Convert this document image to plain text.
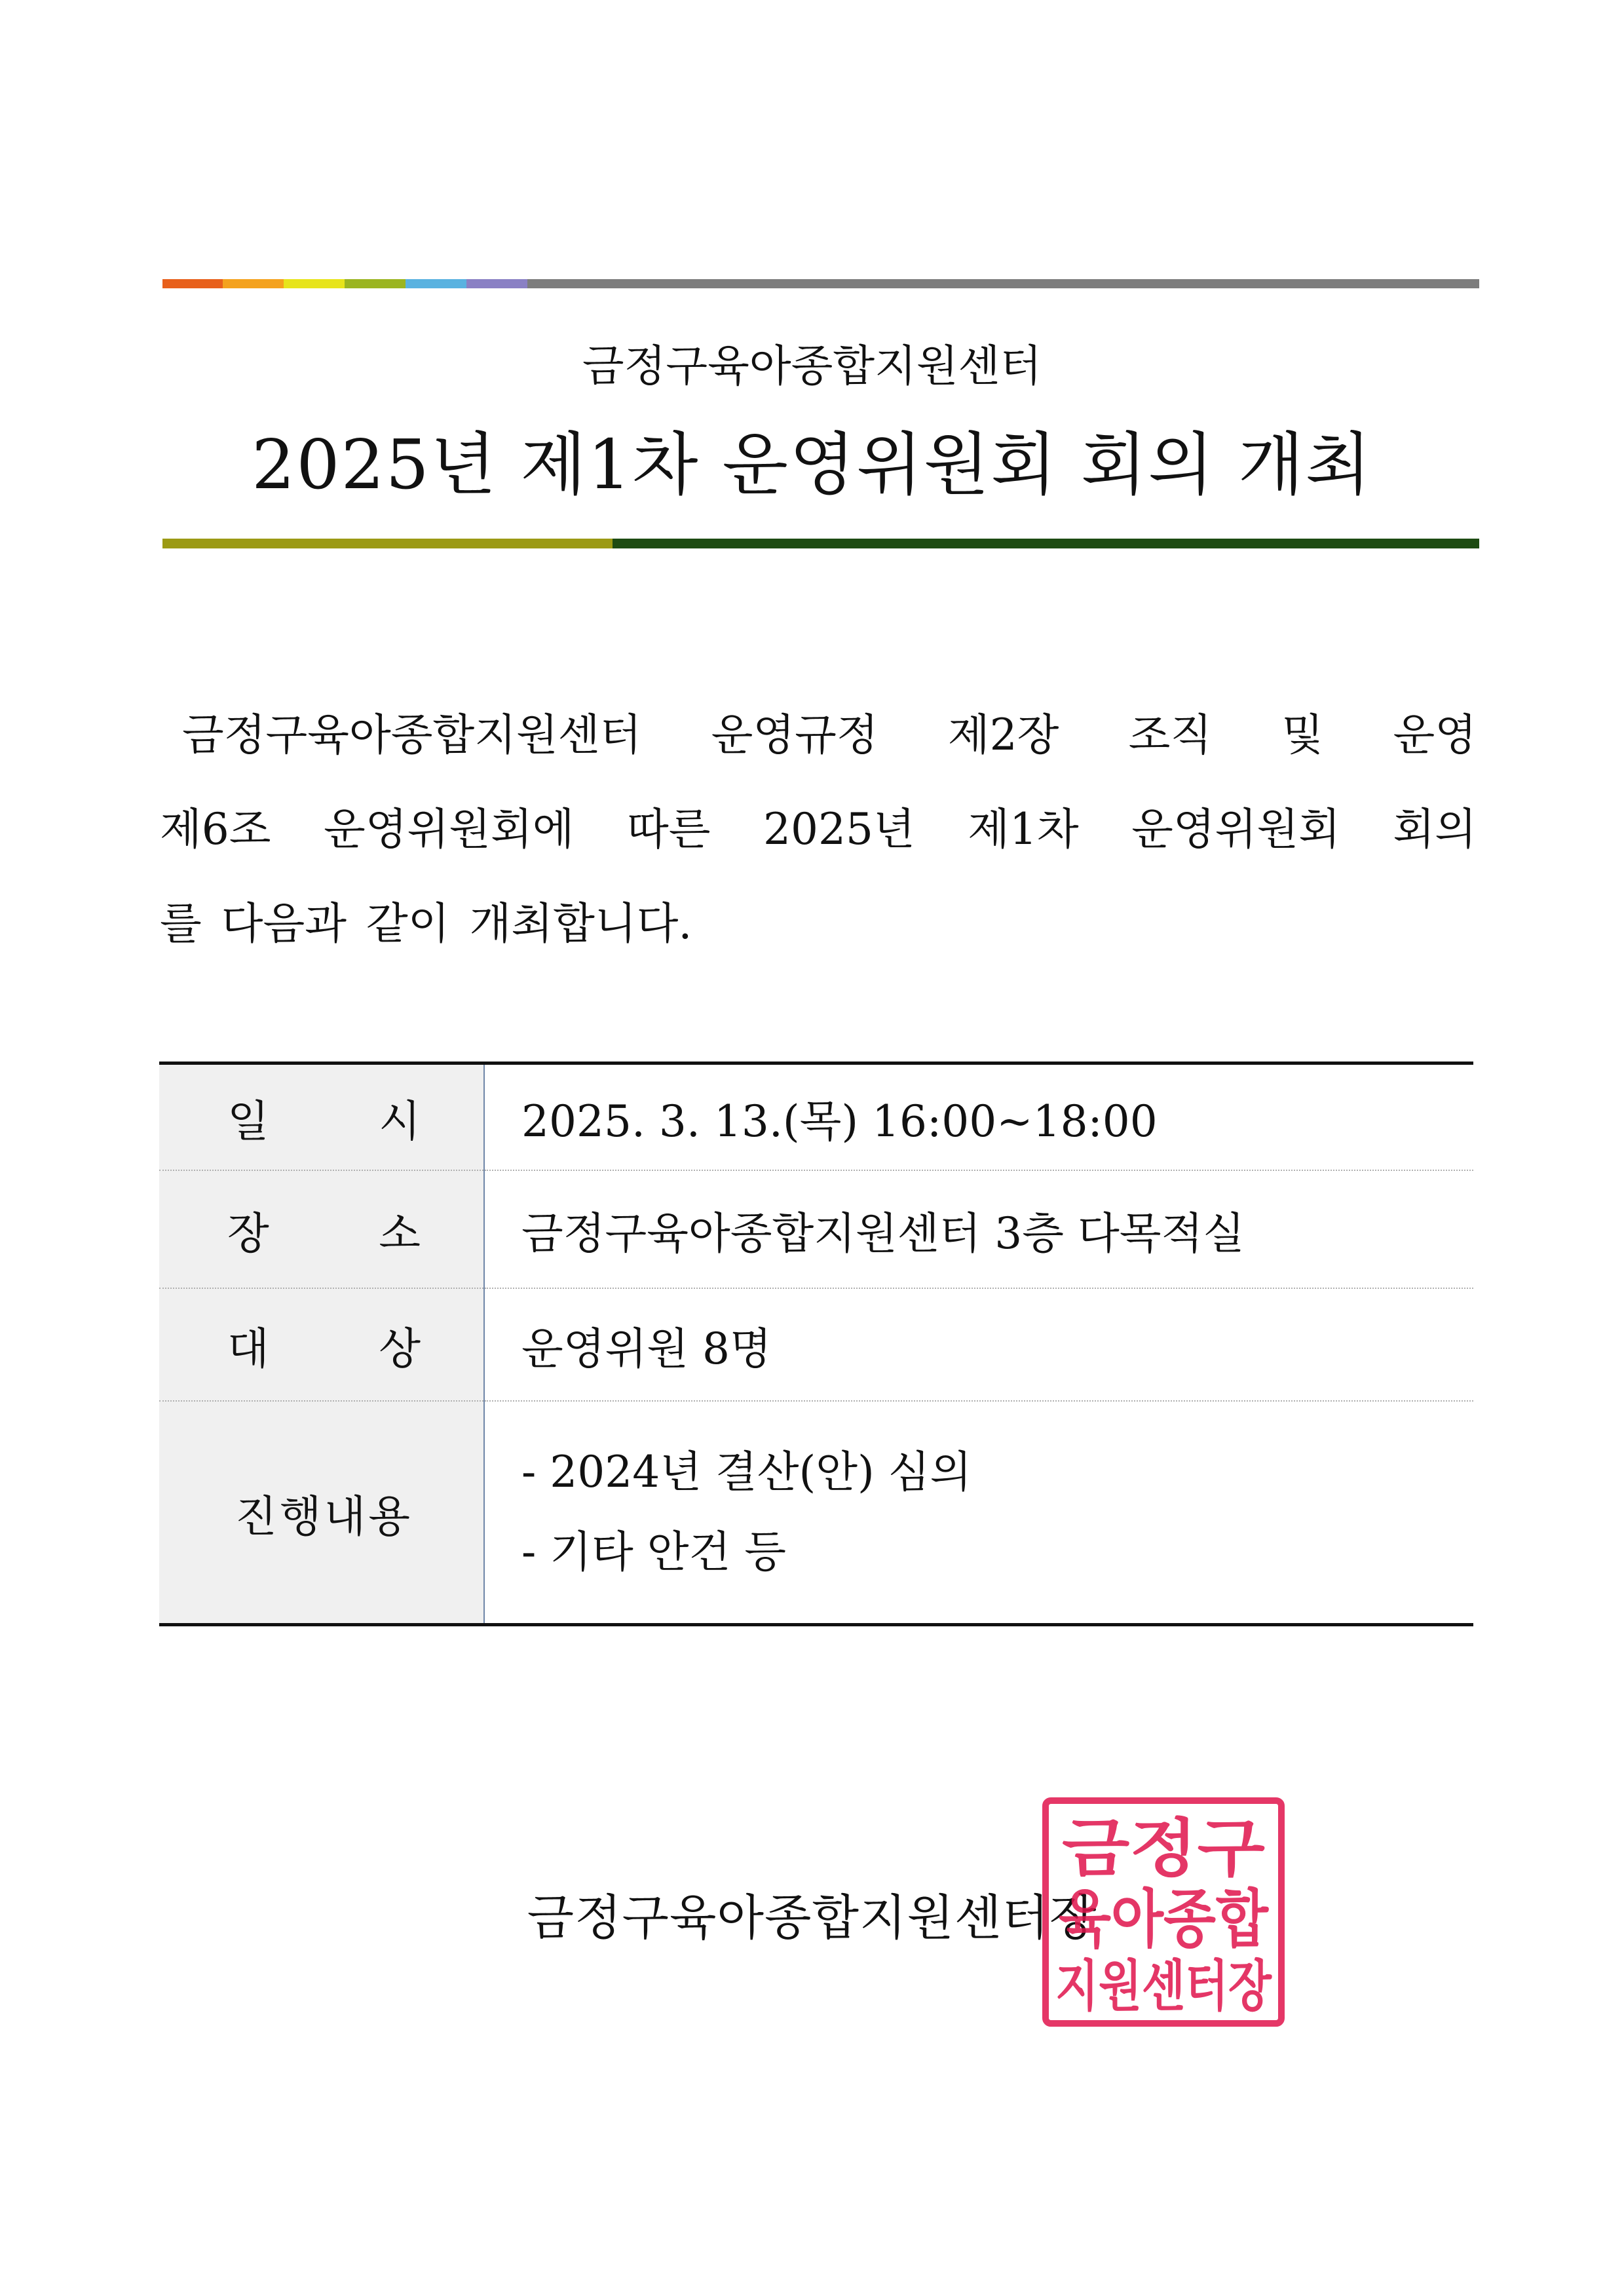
금정구육아종합지원센터
2025년 제1차 운영위원회 회의 개최
금정구육아종합지원센터 운영규정 제2장 조직 및 운영
제6조 운영위원회에 따른 2025년 제1차 운영위원회 회의
를 다음과 같이 개최합니다.
일 시	2025. 3. 13.(목) 16:00~18:00

장 소	금정구육아종합지원센터 3층 다목적실

대 상	운영위원 8명

진행내용	- 2024년 결산(안) 심의
- 기타 안건 등
금정구육아종합지원센터장
금정구
육아종합
지원센터장
